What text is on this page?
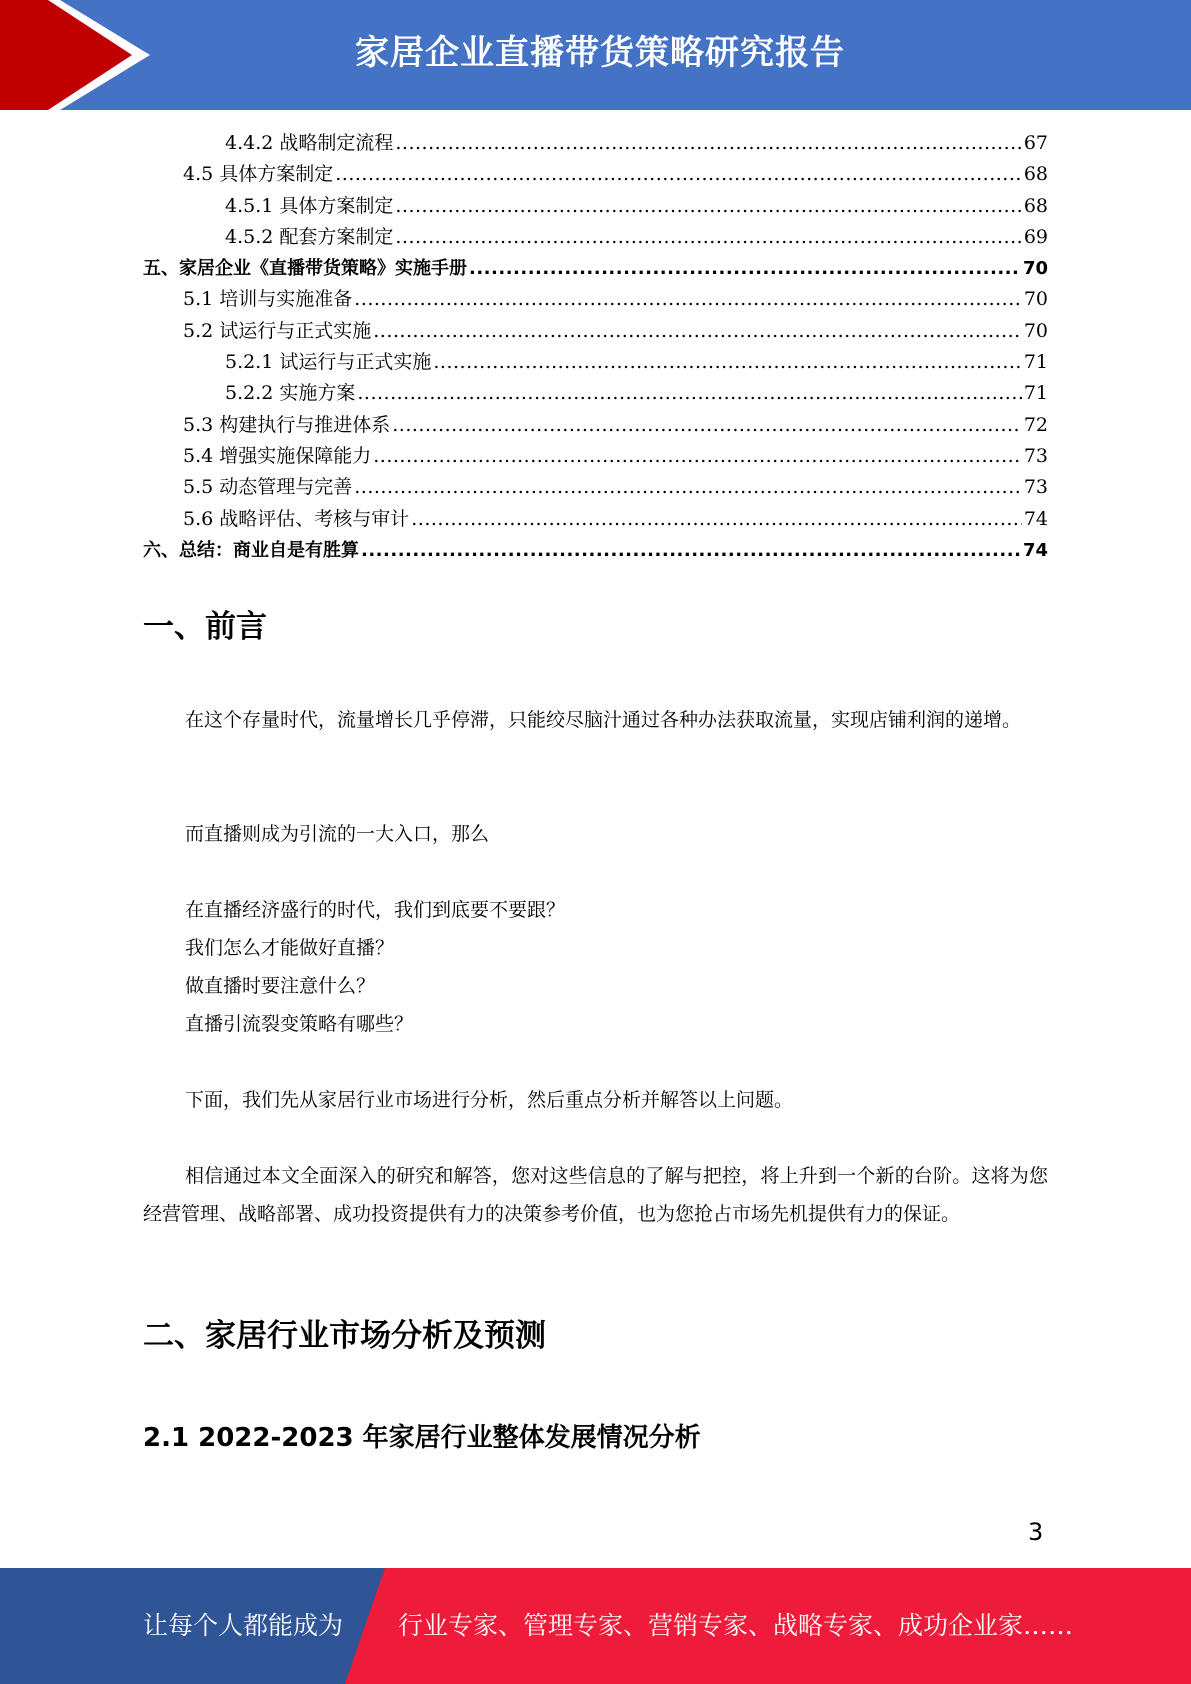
家居企业直播带货策略研究报告
4.4.2 战略制定流程 .....	67
4.5 具体方案制定 .....	68
4.5.1 具体方案制定 .....	68
4.5.2 配套方案制定 .....	69
五、家居企业《直播带货策略》实施手册 .....	70
5.1 培训与实施准备 .....	70
5.2 试运行与正式实施 .....	70
5.2.1 试运行与正式实施 .....	71
5.2.2 实施方案 .....	71
5.3 构建执行与推进体系 .....	72
5.4 增强实施保障能力 .....	73
5.5 动态管理与完善 .....	73
5.6 战略评估、考核与审计 .....	74
六、总结：商业自是有胜算 .....	74
一、前言
在这个存量时代，流量增长几乎停滞，只能绞尽脑汁通过各种办法获取流量，实现店铺利润的递增。
而直播则成为引流的一大入口，那么
在直播经济盛行的时代，我们到底要不要跟？
我们怎么才能做好直播？
做直播时要注意什么？
直播引流裂变策略有哪些？
下面，我们先从家居行业市场进行分析，然后重点分析并解答以上问题。
相信通过本文全面深入的研究和解答，您对这些信息的了解与把控，将上升到一个新的台阶。这将为您经营管理、战略部署、成功投资提供有力的决策参考价值，也为您抢占市场先机提供有力的保证。
二、家居行业市场分析及预测
2.1 2022-2023 年家居行业整体发展情况分析
3
让每个人都能成为 行业专家、管理专家、营销专家、战略专家、成功企业家……
